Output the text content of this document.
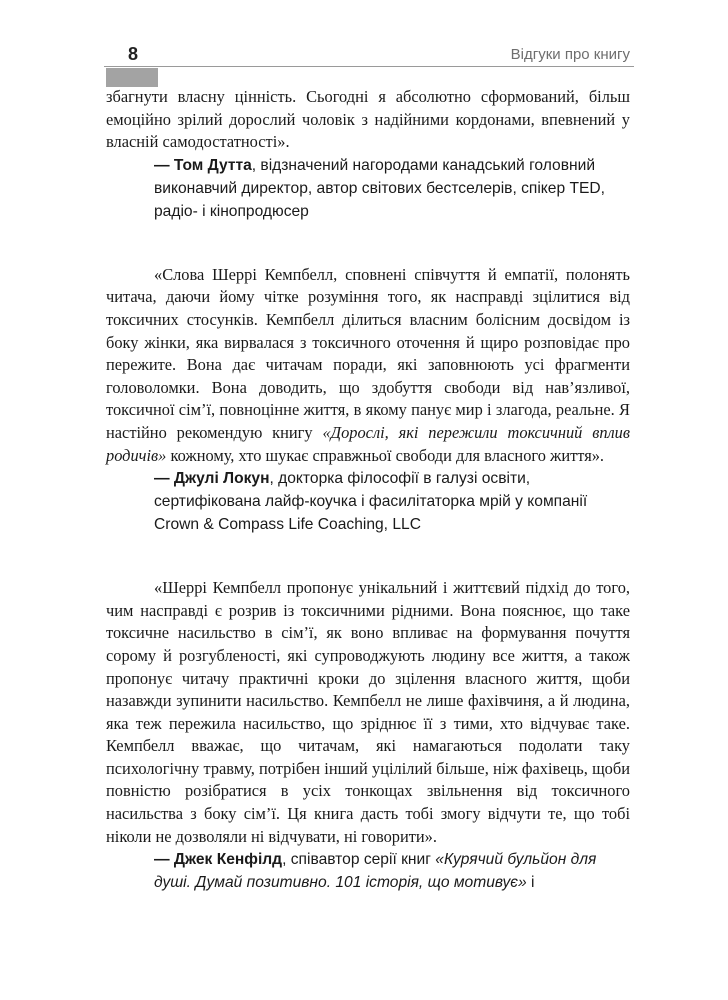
8	Відгуки про книгу

збагнути власну цінність. Сьогодні я абсолютно сформований, більш емоційно зрілий дорослий чоловік з надійними кордонами, впевнений у власній самодостатності».

— Том Дутта, відзначений нагородами канадський головний виконавчий директор, автор світових бестселерів, спікер TED, радіо- і кінопродюсер

«Слова Шеррі Кемпбелл, сповнені співчуття й емпатії, полонять читача, даючи йому чітке розуміння того, як насправді зцілитися від токсичних стосунків. Кемпбелл ділиться власним болісним досвідом із боку жінки, яка вирвалася з токсичного оточення й щиро розповідає про пережите. Вона дає читачам поради, які заповнюють усі фрагменти головоломки. Вона доводить, що здобуття свободи від нав’язливої, токсичної сім’ї, повноцінне життя, в якому панує мир і злагода, реальне. Я настійно рекомендую книгу «Дорослі, які пережили токсичний вплив родичів» кожному, хто шукає справжньої свободи для власного життя».

— Джулі Локун, докторка філософії в галузі освіти, сертифікована лайф-коучка і фасилітаторка мрій у компанії Crown & Compass Life Coaching, LLC

«Шеррі Кемпбелл пропонує унікальний і життєвий підхід до того, чим насправді є розрив із токсичними рідними. Вона пояснює, що таке токсичне насильство в сім’ї, як воно впливає на формування почуття сорому й розгубленості, які супроводжують людину все життя, а також пропонує читачу практичні кроки до зцілення власного життя, щоби назавжди зупинити насильство. Кемпбелл не лише фахівчиня, а й людина, яка теж пережила насильство, що зріднює її з тими, хто відчуває таке. Кемпбелл вважає, що читачам, які намагаються подолати таку психологічну травму, потрібен інший уцілілий більше, ніж фахівець, щоби повністю розібратися в усіх тонкощах звільнення від токсичного насильства з боку сім’ї. Ця книга дасть тобі змогу відчути те, що тобі ніколи не дозволяли ні відчувати, ні говорити».

— Джек Кенфілд, співавтор серії книг «Курячий бульйон для душі. Думай позитивно. 101 історія, що мотивує» і
